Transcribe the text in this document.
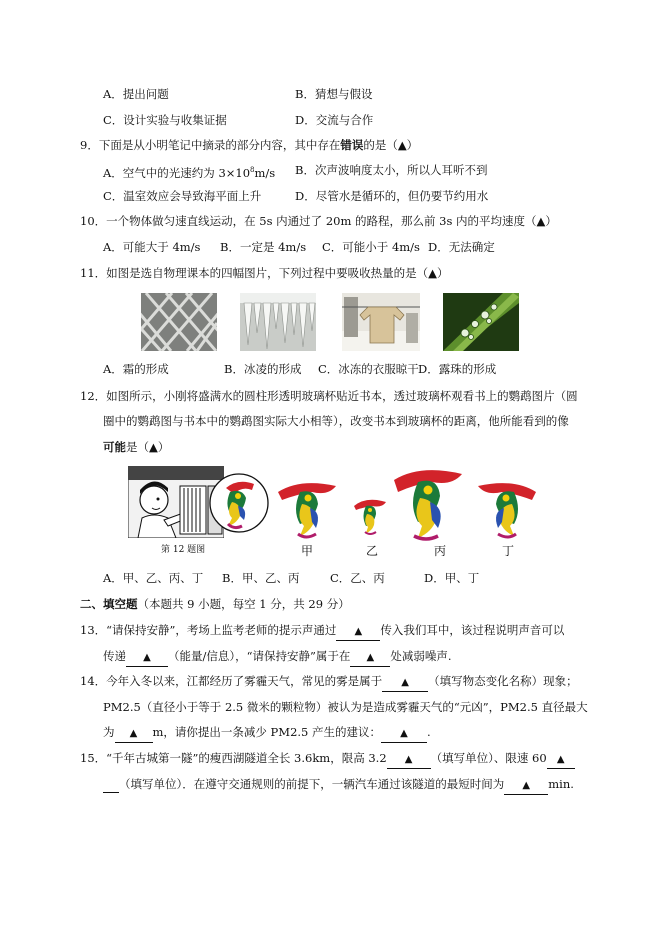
A．提出问题	B．猜想与假设
C．设计实验与收集证据	D．交流与合作
9．下面是从小明笔记中摘录的部分内容，其中存在错误的是（▲）
A．空气中的光速约为 $3\times 10^8m/s$ B．次声波响度太小，所以人耳听不到
C．温室效应会导致海平面上升	D．尽管水是循环的，但仍要节约用水
10．一个物体做匀速直线运动，在 5s 内通过了 20m 的路程，那么前 3s 内的平均速度（▲）
A．可能大于 4m/s B．一定是 4m/s C．可能小于 4m/s D．无法确定
11．如图是选自物理课本的四幅图片，下列过程中要吸收热量的是（▲）
A．霜的形成	B．冰凌的形成 C．冰冻的衣服晾干 D．露珠的形成
12．如图所示，小刚将盛满水的圆柱形透明玻璃杯贴近书本，透过玻璃杯观看书上的鹦鹉图片（圆
圈中的鹦鹉图与书本中的鹦鹉图实际大小相等），改变书本到玻璃杯的距离，他所能看到的像
可能是（▲）
第 12 题图	甲	乙	丙	丁
A．甲、乙、丙、丁 B．甲、乙、丙	C．乙、丙	D．甲、丁
二、填空题（本题共 9 小题，每空 1 分，共 29 分）
13．“请保持安静”，考场上监考老师的提示声通过 ▲ 传入我们耳中，该过程说明声音可以
传递 ▲ （能量/信息），“请保持安静”属于在 ▲ 处减弱噪声.
14．今年入冬以来，江都经历了雾霾天气，常见的雾是属于 ▲ （填写物态变化名称）现象；
PM2.5（直径小于等于 2.5 微米的颗粒物）被认为是造成雾霾天气的“元凶”，PM2.5 直径最大
为 ▲ m，请你提出一条减少 PM2.5 产生的建议： ▲ .
15．“千年古城第一隧”的瘦西湖隧道全长 3.6km，限高 3.2 ▲ （填写单位）、限速 60 ▲
（填写单位）．在遵守交通规则的前提下，一辆汽车通过该隧道的最短时间为 ▲ min.
